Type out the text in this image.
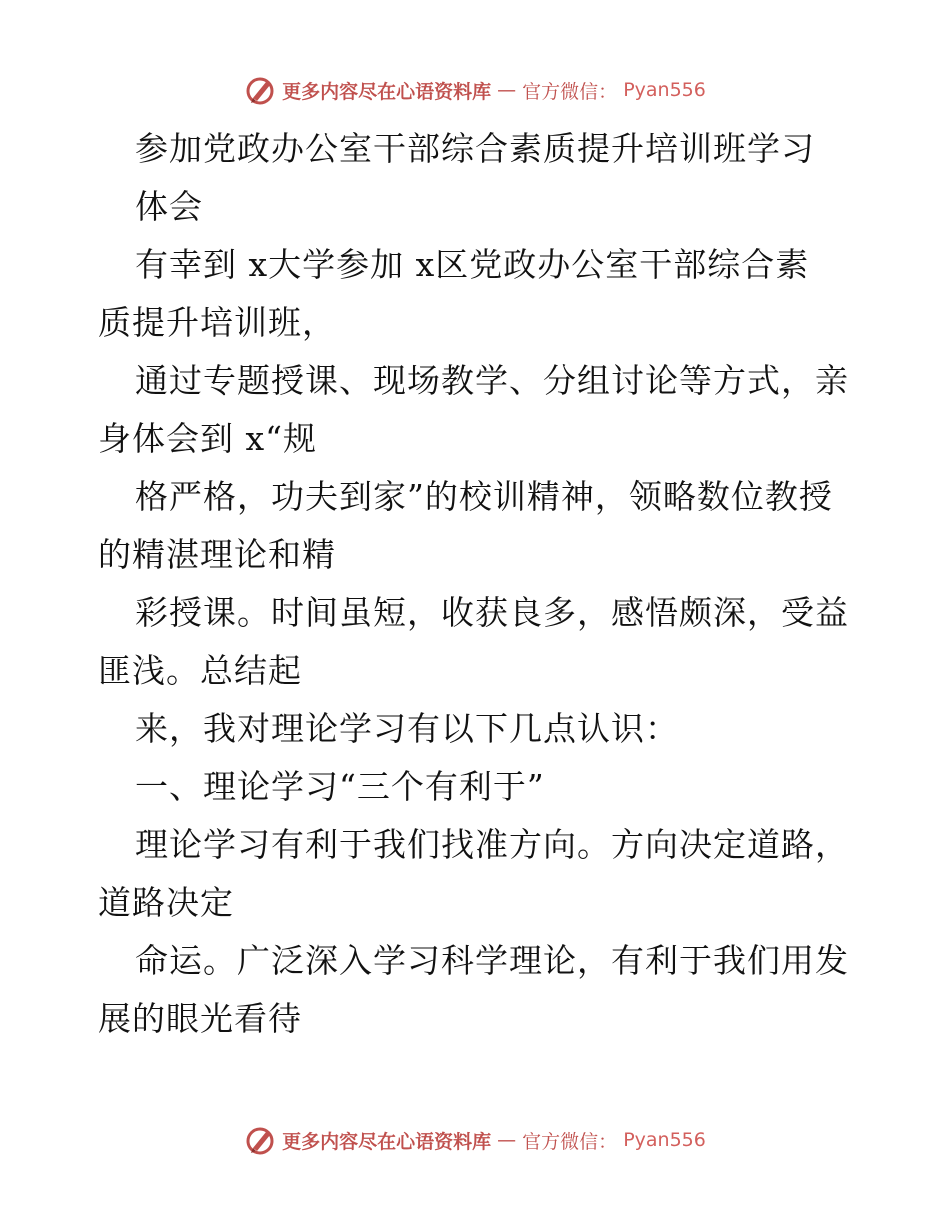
更多内容尽在心语资料库 — 官方微信： Pyan556
参加党政办公室干部综合素质提升培训班学习
体会
有幸到 x大学参加 x区党政办公室干部综合素
质提升培训班，
通过专题授课、现场教学、分组讨论等方式，亲
身体会到 x“规
格严格，功夫到家”的校训精神，领略数位教授
的精湛理论和精
彩授课。时间虽短，收获良多，感悟颇深，受益
匪浅。总结起
来，我对理论学习有以下几点认识：
一、理论学习“三个有利于”
理论学习有利于我们找准方向。方向决定道路，
道路决定
命运。广泛深入学习科学理论，有利于我们用发
展的眼光看待
更多内容尽在心语资料库 — 官方微信： Pyan556
